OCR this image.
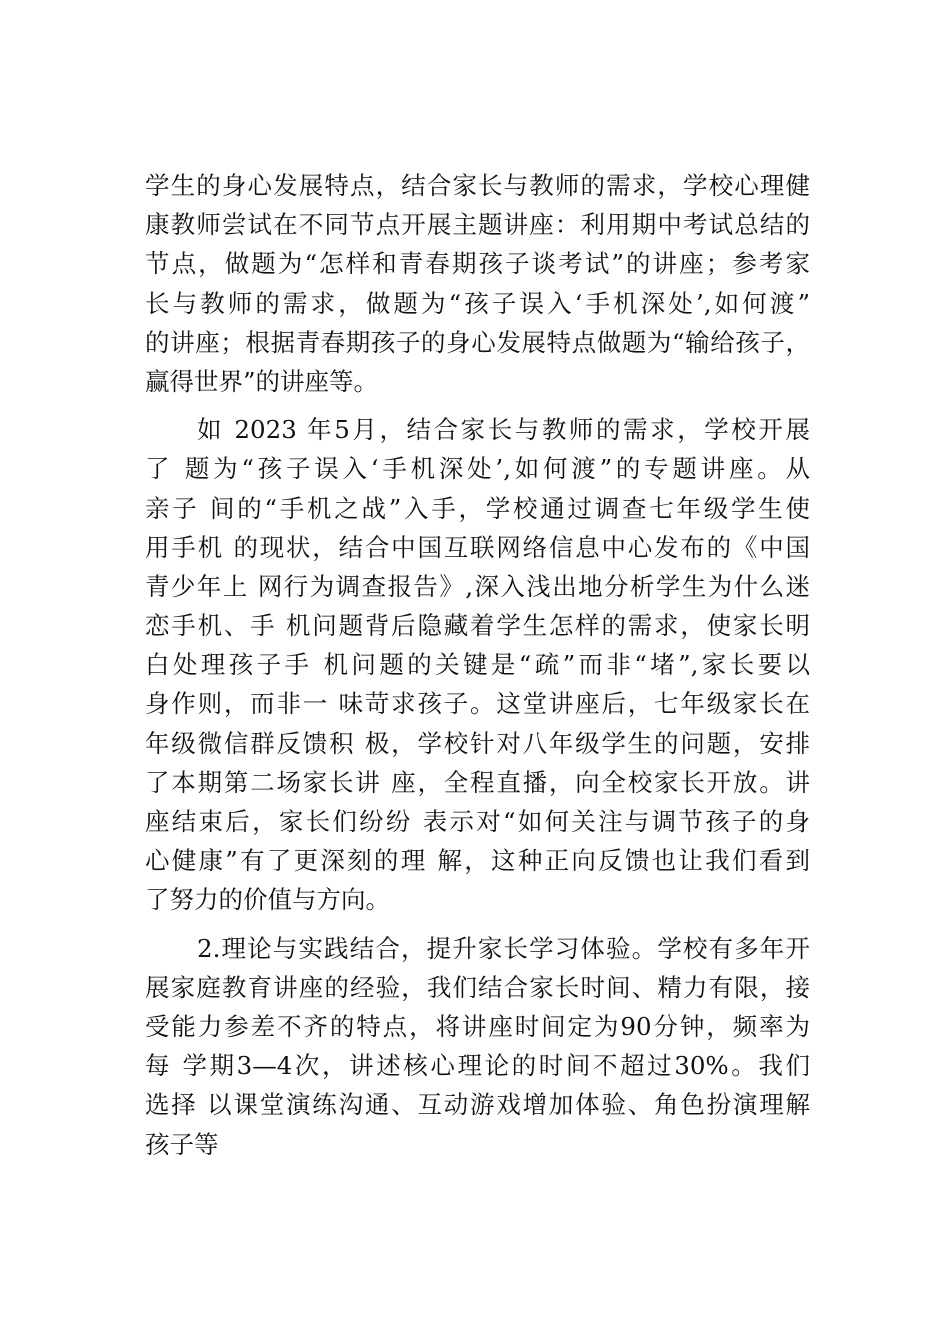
学生的身心发展特点，结合家长与教师的需求，学校心理健
康教师尝试在不同节点开展主题讲座：利用期中考试总结的
节点，做题为“怎样和青春期孩子谈考试”的讲座；参考家
长与教师的需求，做题为“孩子误入‘手机深处’,如何渡”
的讲座；根据青春期孩子的身心发展特点做题为“输给孩子，
赢得世界”的讲座等。
如 2023 年5月，结合家长与教师的需求，学校开展
了 题为“孩子误入‘手机深处’,如何渡”的专题讲座。从
亲子 间的“手机之战”入手，学校通过调查七年级学生使
用手机 的现状，结合中国互联网络信息中心发布的《中国
青少年上 网行为调查报告》,深入浅出地分析学生为什么迷
恋手机、手 机问题背后隐藏着学生怎样的需求，使家长明
白处理孩子手 机问题的关键是“疏”而非“堵”,家长要以
身作则，而非一 味苛求孩子。这堂讲座后，七年级家长在
年级微信群反馈积 极，学校针对八年级学生的问题，安排
了本期第二场家长讲 座，全程直播，向全校家长开放。讲
座结束后，家长们纷纷 表示对“如何关注与调节孩子的身
心健康”有了更深刻的理 解，这种正向反馈也让我们看到
了努力的价值与方向。
2.理论与实践结合，提升家长学习体验。学校有多年开
展家庭教育讲座的经验，我们结合家长时间、精力有限，接
受能力参差不齐的特点，将讲座时间定为90分钟，频率为
每 学期3—4次，讲述核心理论的时间不超过30%。我们
选择 以课堂演练沟通、互动游戏增加体验、角色扮演理解
孩子等
